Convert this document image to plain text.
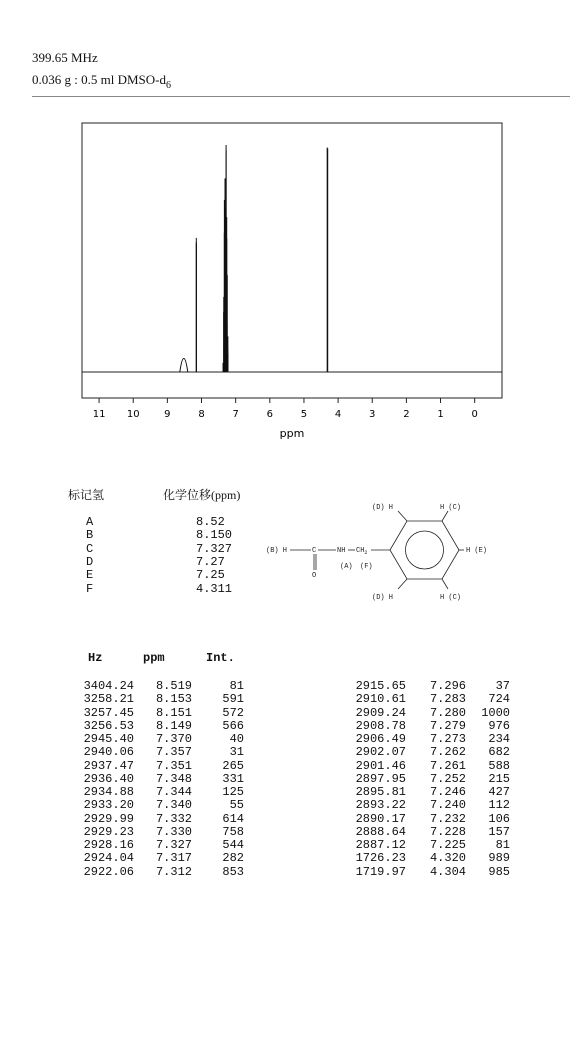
399.65 MHz
0.036 g : 0.5 ml DMSO-$d_6$
11 10 9	8	7	6	5	4	3	2	1	0
ppm
标记氢	化学位移(ppm)
A	8.52
B	8.150
C	7.327
D	7.27
E	7.25
F	4.311
(B) H	C	NH $CH_2$
(A) (F)
O
(D) H	H (C)
H (E)
(D) H	H (C)
Hz	ppm	Int.
3404.24 8.519	81
3258.21 8.153	591
3257.45 8.151	572
3256.53 8.149	566
2945.40 7.370	40
2940.06 7.357	31
2937.47 7.351	265
2936.40 7.348	331
2934.88 7.344	125
2933.20 7.340	55
2929.99 7.332	614
2929.23 7.330	758
2928.16 7.327	544
2924.04 7.317	282
2922.06 7.312	853
2915.65 7.296 37
2910.61 7.283 724
2909.24 7.280 1000
2908.78 7.279 976
2906.49 7.273 234
2902.07 7.262 682
2901.46 7.261 588
2897.95 7.252 215
2895.81 7.246 427
2893.22 7.240 112
2890.17 7.232 106
2888.64 7.228 157
2887.12 7.225 81
1726.23 4.320 989
1719.97 4.304 985
